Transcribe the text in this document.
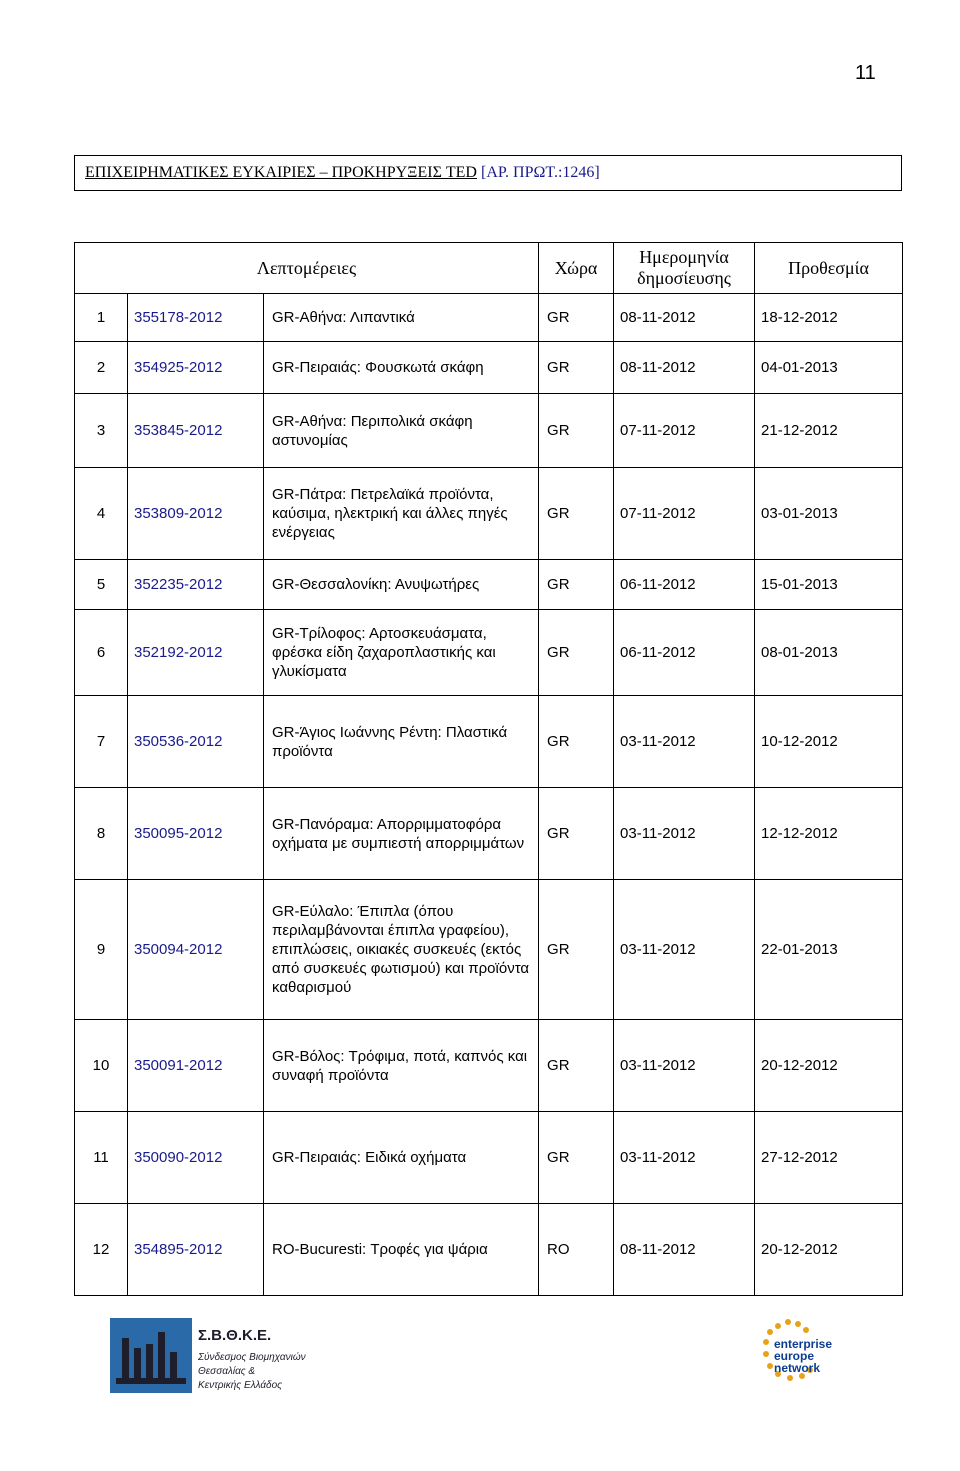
11
ΕΠΙΧΕΙΡΗΜΑΤΙΚΕΣ ΕΥΚΑΙΡΙΕΣ – ΠΡΟΚΗΡΥΞΕΙΣ TED
[ΑΡ. ΠΡΩΤ.:1246]
Λεπτομέρειες			Χώρα	Ημερομηνία δημοσίευσης	Προθεσμία
1	355178-2012	GR-Αθήνα: Λιπαντικά	GR	08-11-2012	18-12-2012
2	354925-2012	GR-Πειραιάς: Φουσκωτά σκάφη	GR	08-11-2012	04-01-2013
3	353845-2012	GR-Αθήνα: Περιπολικά σκάφη αστυνομίας	GR	07-11-2012	21-12-2012
4	353809-2012	GR-Πάτρα: Πετρελαϊκά προϊόντα, καύσιμα, ηλεκτρική και άλλες πηγές ενέργειας	GR	07-11-2012	03-01-2013
5	352235-2012	GR-Θεσσαλονίκη: Ανυψωτήρες	GR	06-11-2012	15-01-2013
6	352192-2012	GR-Τρίλοφος: Αρτοσκευάσματα, φρέσκα είδη ζαχαροπλαστικής και γλυκίσματα	GR	06-11-2012	08-01-2013
7	350536-2012	GR-Άγιος Ιωάννης Ρέντη: Πλαστικά προϊόντα	GR	03-11-2012	10-12-2012
8	350095-2012	GR-Πανόραμα: Απορριμματοφόρα οχήματα με συμπιεστή απορριμμάτων	GR	03-11-2012	12-12-2012
9	350094-2012	GR-Εύλαλο: Έπιπλα (όπου περιλαμβάνονται έπιπλα γραφείου), επιπλώσεις, οικιακές συσκευές (εκτός από συσκευές φωτισμού) και προϊόντα καθαρισμού	GR	03-11-2012	22-01-2013
10	350091-2012	GR-Βόλος: Τρόφιμα, ποτά, καπνός και συναφή προϊόντα	GR	03-11-2012	20-12-2012
11	350090-2012	GR-Πειραιάς: Ειδικά οχήματα	GR	03-11-2012	27-12-2012
12	354895-2012	RO-Bucuresti: Τροφές για ψάρια	RO	08-11-2012	20-12-2012
Σ.Β.Θ.Κ.Ε.
Σύνδεσμος Βιομηχανιών
Θεσσαλίας &
Κεντρικής Ελλάδος
enterprise
europe
network
